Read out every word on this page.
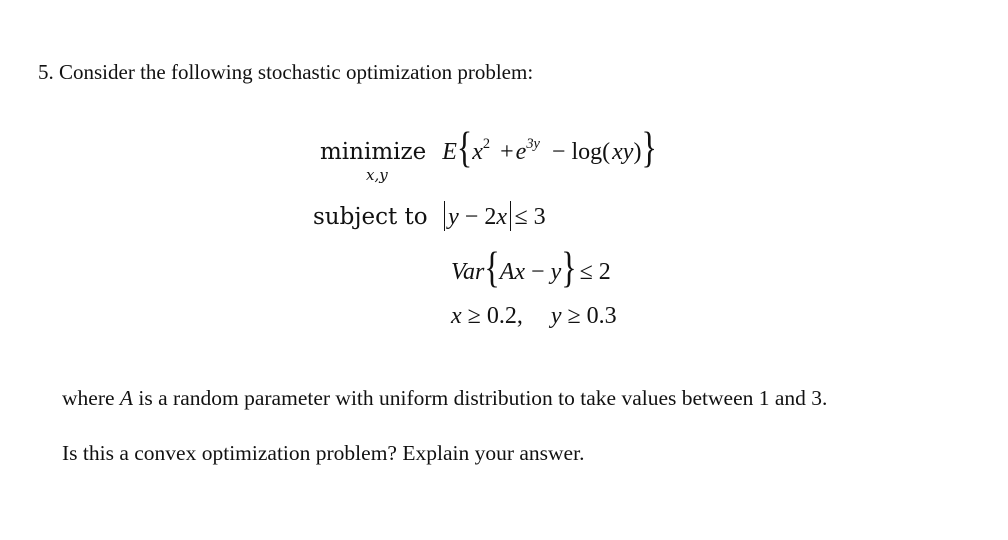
5. Consider the following stochastic optimization problem:
minimize $E\{x^2 +e^{3y} - \log(xy)\}$
x,y
subject to y − 2x ≤ 3
Var{Ax − y} ≤ 2
x ≥ 0.2, y ≥ 0.3
where A is a random parameter with uniform distribution to take values between 1 and 3.
Is this a convex optimization problem? Explain your answer.
